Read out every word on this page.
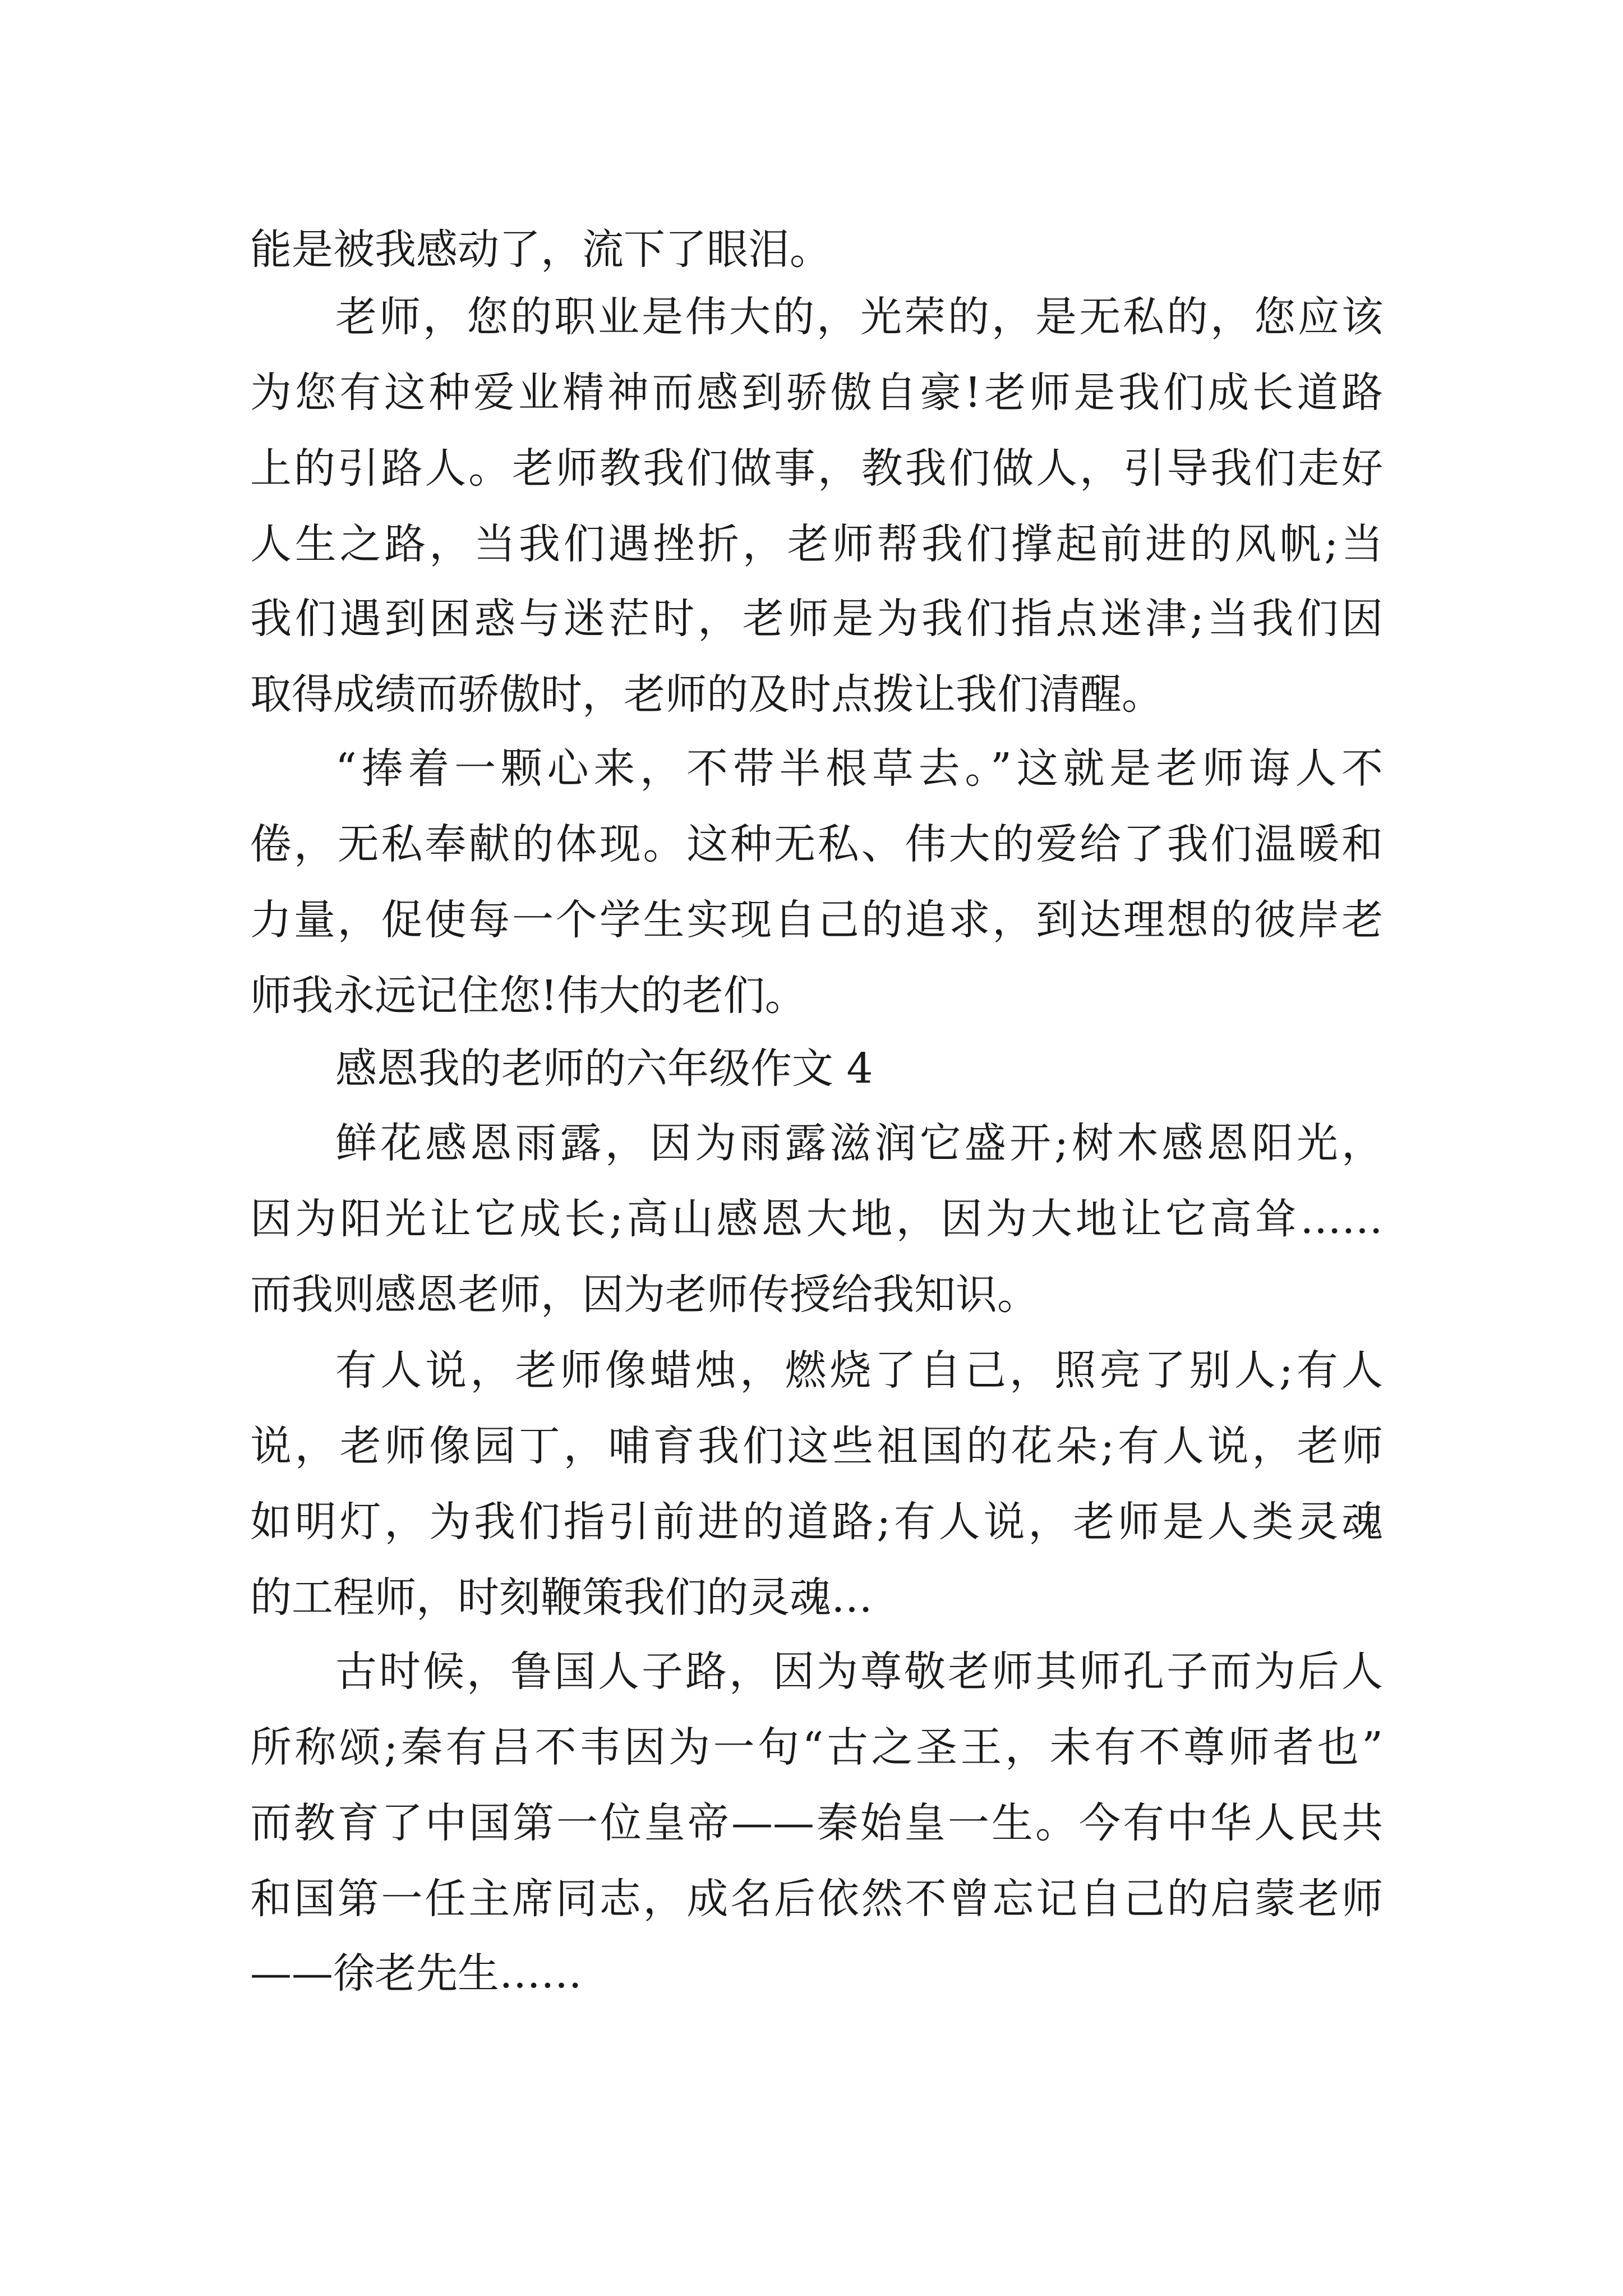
能是被我感动了，流下了眼泪。

老师，您的职业是伟大的，光荣的，是无私的，您应该

为您有这种爱业精神而感到骄傲自豪!老师是我们成长道路

上的引路人。老师教我们做事，教我们做人，引导我们走好

人生之路，当我们遇挫折，老师帮我们撑起前进的风帆;当

我们遇到困惑与迷茫时，老师是为我们指点迷津;当我们因

取得成绩而骄傲时，老师的及时点拨让我们清醒。

“捧着一颗心来，不带半根草去。”这就是老师诲人不

倦，无私奉献的体现。这种无私、伟大的爱给了我们温暖和

力量，促使每一个学生实现自己的追求，到达理想的彼岸老

师我永远记住您!伟大的老们。

感恩我的老师的六年级作文 4

鲜花感恩雨露，因为雨露滋润它盛开;树木感恩阳光，

因为阳光让它成长;高山感恩大地，因为大地让它高耸……

而我则感恩老师，因为老师传授给我知识。

有人说，老师像蜡烛，燃烧了自己，照亮了别人;有人

说，老师像园丁，哺育我们这些祖国的花朵;有人说，老师

如明灯，为我们指引前进的道路;有人说，老师是人类灵魂

的工程师，时刻鞭策我们的灵魂…

古时候，鲁国人子路，因为尊敬老师其师孔子而为后人

所称颂;秦有吕不韦因为一句“古之圣王，未有不尊师者也”

而教育了中国第一位皇帝——秦始皇一生。今有中华人民共

和国第一任主席同志，成名后依然不曾忘记自己的启蒙老师

——徐老先生……
